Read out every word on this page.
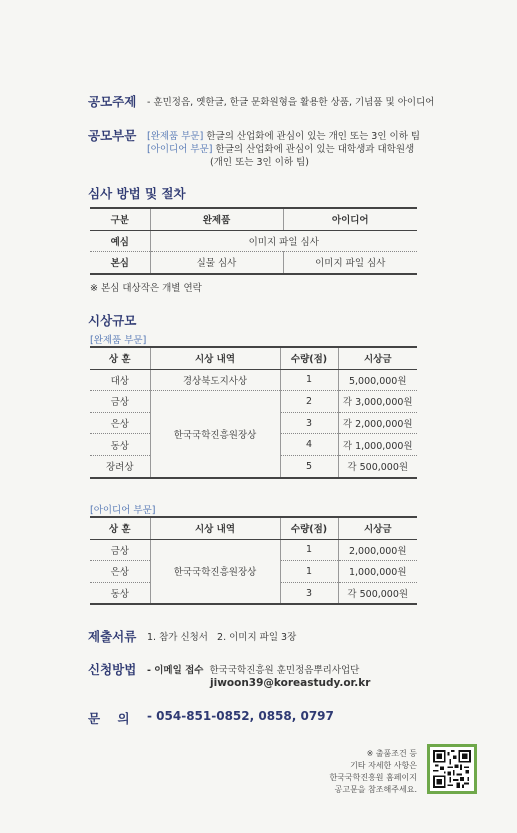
공모주제 - 훈민정음, 옛한글, 한글 문화원형을 활용한 상품, 기념품 및 아이디어
공모부문 [완제품 부문] 한글의 산업화에 관심이 있는 개인 또는 3인 이하 팀
[아이디어 부문] 한글의 산업화에 관심이 있는 대학생과 대학원생
(개인 또는 3인 이하 팀)
심사 방법 및 절차
구분	완제품	아이디어
예심	이미지 파일 심사	
본심	실물 심사	이미지 파일 심사
※ 본심 대상작은 개별 연락
시상규모
[완제품 부문]
상 훈	시상 내역	수량(점)	시상금
대상	경상북도지사상	1	5,000,000원
금상	한국국학진흥원장상	2	각 3,000,000원
은상		3	각 2,000,000원
동상		4	각 1,000,000원
장려상		5	각 500,000원
[아이디어 부문]
상 훈	시상 내역	수량(점)	시상금
금상	한국국학진흥원장상	1	2,000,000원
은상		1	1,000,000원
동상		3	각 500,000원
제출서류 1. 참가 신청서   2. 이미지 파일 3장
신청방법 - 이메일 접수 한국국학진흥원 훈민정음뿌리사업단
jiwoon39@koreastudy.or.kr
문    의 - 054-851-0852, 0858, 0797
※ 출품조건 등
기타 자세한 사항은
한국국학진흥원 홈페이지
공고문을 참조해주세요.
